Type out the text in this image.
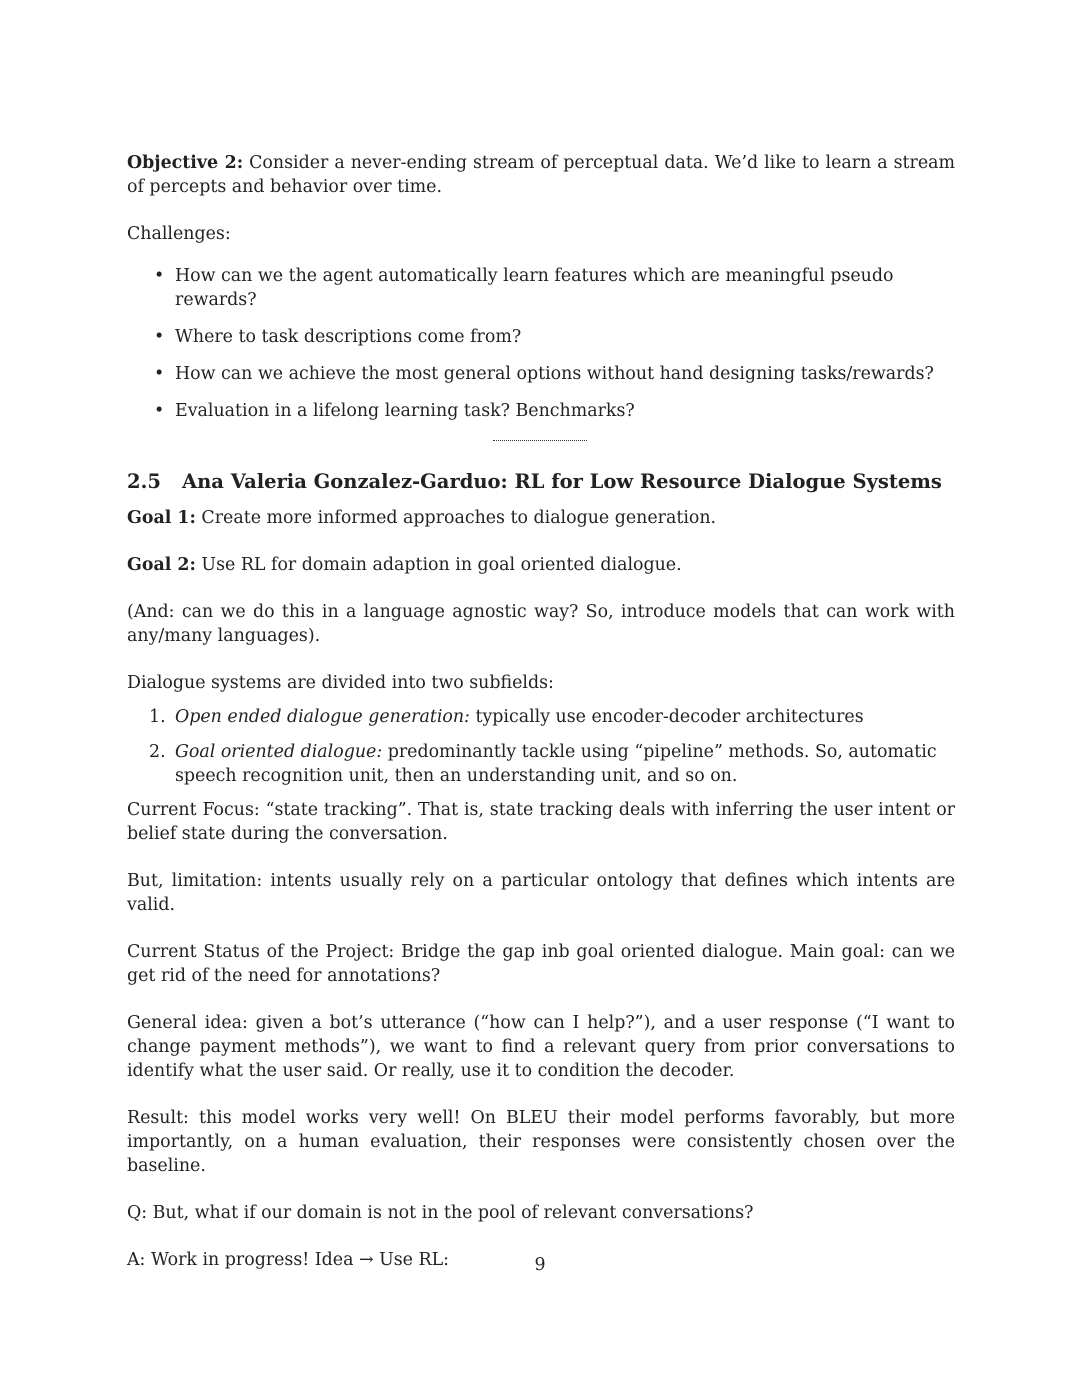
Objective 2: Consider a never-ending stream of perceptual data. We’d like to learn a stream of percepts and behavior over time.

Challenges:

• How can we the agent automatically learn features which are meaningful pseudo rewards?
• Where to task descriptions come from?
• How can we achieve the most general options without hand designing tasks/rewards?
• Evaluation in a lifelong learning task? Benchmarks?
2.5 Ana Valeria Gonzalez-Garduo: RL for Low Resource Dialogue Systems

Goal 1: Create more informed approaches to dialogue generation.

Goal 2: Use RL for domain adaption in goal oriented dialogue.

(And: can we do this in a language agnostic way? So, introduce models that can work with any/many languages).

Dialogue systems are divided into two subfields:

1. Open ended dialogue generation: typically use encoder-decoder architectures
2. Goal oriented dialogue: predominantly tackle using “pipeline” methods. So, automatic speech recognition unit, then an understanding unit, and so on.

Current Focus: “state tracking”. That is, state tracking deals with inferring the user intent or belief state during the conversation.

But, limitation: intents usually rely on a particular ontology that defines which intents are valid.

Current Status of the Project: Bridge the gap inb goal oriented dialogue. Main goal: can we get rid of the need for annotations?

General idea: given a bot’s utterance (“how can I help?”), and a user response (“I want to change payment methods”), we want to find a relevant query from prior conversations to identify what the user said. Or really, use it to condition the decoder.

Result: this model works very well! On BLEU their model performs favorably, but more importantly, on a human evaluation, their responses were consistently chosen over the baseline.

Q: But, what if our domain is not in the pool of relevant conversations?

A: Work in progress! Idea → Use RL:	9
